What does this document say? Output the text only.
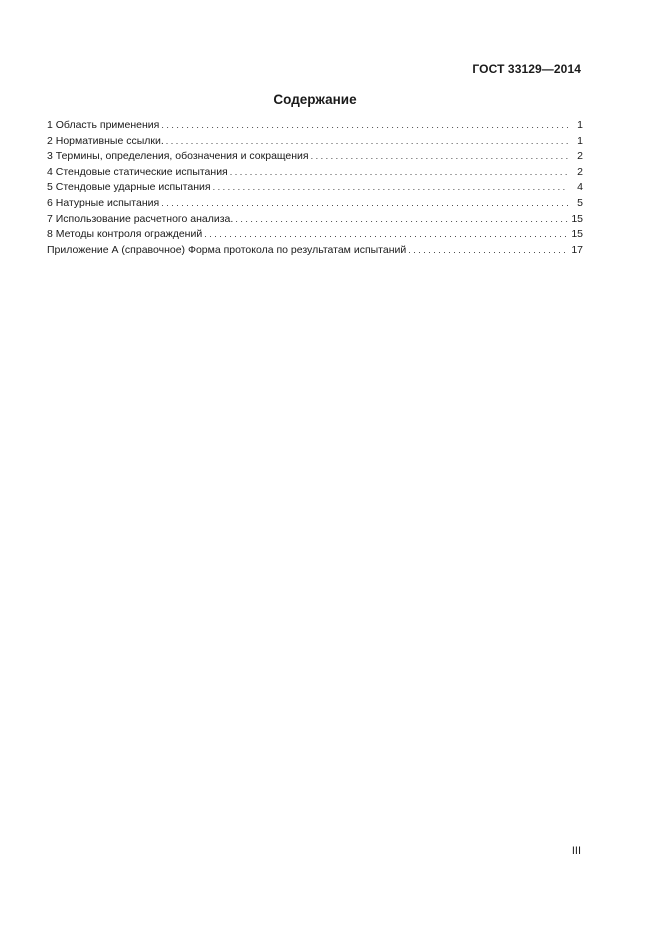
ГОСТ 33129—2014
Содержание
1 Область применения . . .	1
2 Нормативные ссылки. . . .	1
3 Термины, определения, обозначения и сокращения . . .	2
4 Стендовые статические испытания . . .	2
5 Стендовые ударные испытания . . .	4
6 Натурные испытания . . .	5
7 Использование расчетного анализа. . . .	15
8 Методы контроля ограждений . . .	15
Приложение А (справочное) Форма протокола по результатам испытаний . . .	17
III
